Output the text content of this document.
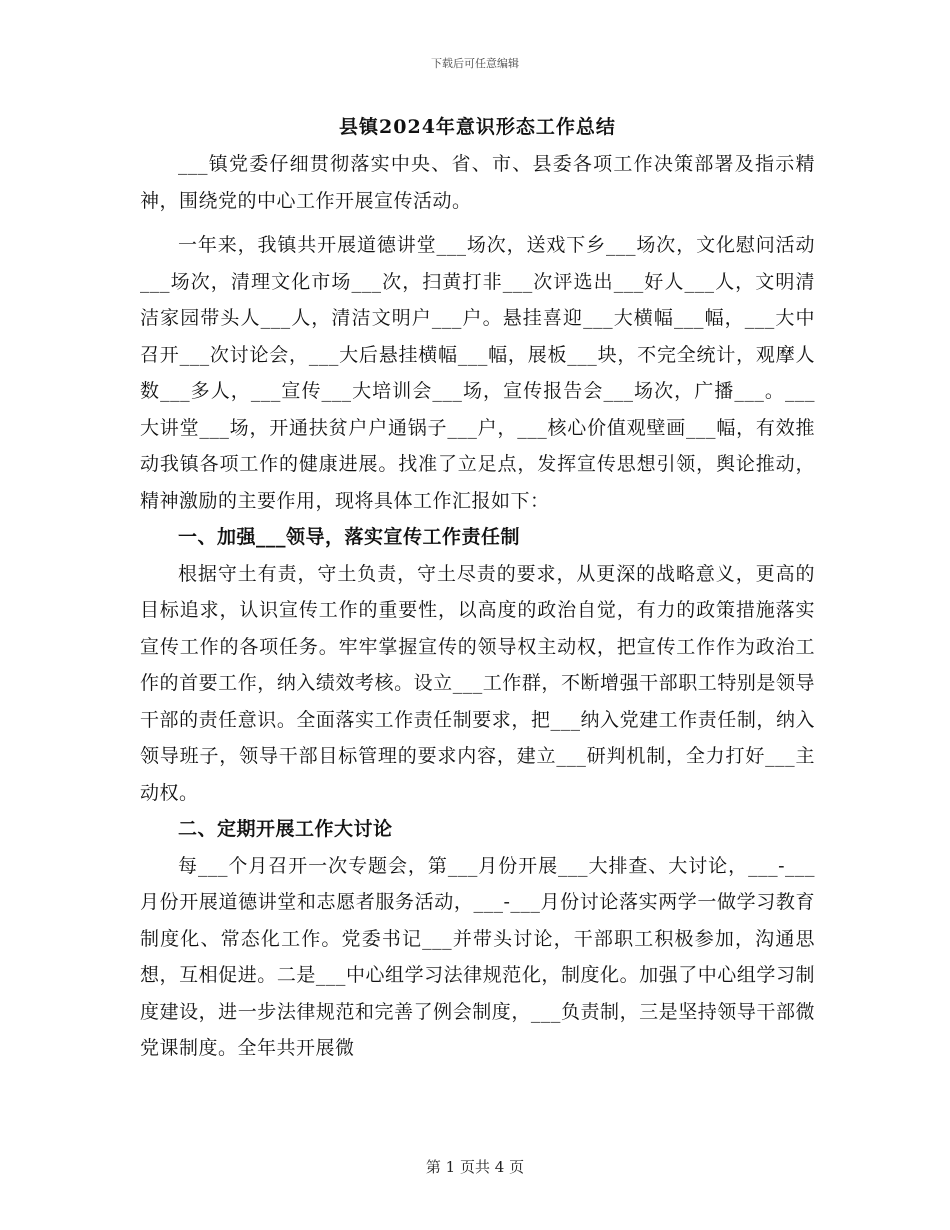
下载后可任意编辑
县镇2024年意识形态工作总结

___镇党委仔细贯彻落实中央、省、市、县委各项工作决策部署及指示精神，围绕党的中心工作开展宣传活动。

一年来，我镇共开展道德讲堂___场次，送戏下乡___场次，文化慰问活动___场次，清理文化市场___次，扫黄打非___次评选出___好人___人，文明清洁家园带头人___人，清洁文明户___户。悬挂喜迎___大横幅___幅，___大中召开___次讨论会，___大后悬挂横幅___幅，展板___块，不完全统计，观摩人数___多人，___宣传___大培训会___场，宣传报告会___场次，广播___。___大讲堂___场，开通扶贫户户通锅子___户，___核心价值观壁画___幅，有效推动我镇各项工作的健康进展。找准了立足点，发挥宣传思想引领，舆论推动，精神激励的主要作用，现将具体工作汇报如下：

一、加强___领导，落实宣传工作责任制

根据守土有责，守土负责，守土尽责的要求，从更深的战略意义，更高的目标追求，认识宣传工作的重要性，以高度的政治自觉，有力的政策措施落实宣传工作的各项任务。牢牢掌握宣传的领导权主动权，把宣传工作作为政治工作的首要工作，纳入绩效考核。设立___工作群，不断增强干部职工特别是领导干部的责任意识。全面落实工作责任制要求，把___纳入党建工作责任制，纳入领导班子，领导干部目标管理的要求内容，建立___研判机制，全力打好___主动权。

二、定期开展工作大讨论

每___个月召开一次专题会，第___月份开展___大排查、大讨论，___-___月份开展道德讲堂和志愿者服务活动，___-___月份讨论落实两学一做学习教育制度化、常态化工作。党委书记___并带头讨论，干部职工积极参加，沟通思想，互相促进。二是___中心组学习法律规范化，制度化。加强了中心组学习制度建设，进一步法律规范和完善了例会制度，___负责制，三是坚持领导干部微党课制度。全年共开展微

第 1 页共 4 页
